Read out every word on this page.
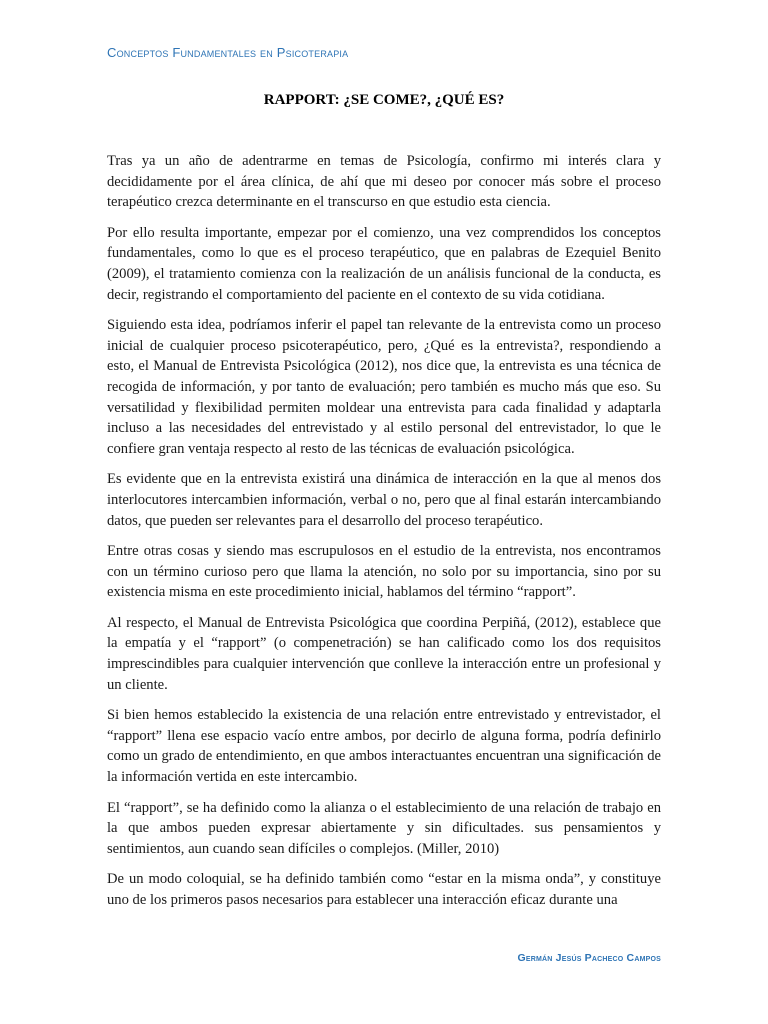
Conceptos Fundamentales en Psicoterapia
RAPPORT: ¿SE COME?, ¿QUÉ ES?

Tras ya un año de adentrarme en temas de Psicología, confirmo mi interés clara y decididamente por el área clínica, de ahí que mi deseo por conocer más sobre el proceso terapéutico crezca determinante en el transcurso en que estudio esta ciencia.

Por ello resulta importante, empezar por el comienzo, una vez comprendidos los conceptos fundamentales, como lo que es el proceso terapéutico, que en palabras de Ezequiel Benito (2009), el tratamiento comienza con la realización de un análisis funcional de la conducta, es decir, registrando el comportamiento del paciente en el contexto de su vida cotidiana.

Siguiendo esta idea, podríamos inferir el papel tan relevante de la entrevista como un proceso inicial de cualquier proceso psicoterapéutico, pero, ¿Qué es la entrevista?, respondiendo a esto, el Manual de Entrevista Psicológica (2012), nos dice que, la entrevista es una técnica de recogida de información, y por tanto de evaluación; pero también es mucho más que eso. Su versatilidad y flexibilidad permiten moldear una entrevista para cada finalidad y adaptarla incluso a las necesidades del entrevistado y al estilo personal del entrevistador, lo que le confiere gran ventaja respecto al resto de las técnicas de evaluación psicológica.

Es evidente que en la entrevista existirá una dinámica de interacción en la que al menos dos interlocutores intercambien información, verbal o no, pero que al final estarán intercambiando datos, que pueden ser relevantes para el desarrollo del proceso terapéutico.

Entre otras cosas y siendo mas escrupulosos en el estudio de la entrevista, nos encontramos con un término curioso pero que llama la atención, no solo por su importancia, sino por su existencia misma en este procedimiento inicial, hablamos del término “rapport”.

Al respecto, el Manual de Entrevista Psicológica que coordina Perpiñá, (2012), establece que la empatía y el “rapport” (o compenetración) se han calificado como los dos requisitos imprescindibles para cualquier intervención que conlleve la interacción entre un profesional y un cliente.

Si bien hemos establecido la existencia de una relación entre entrevistado y entrevistador, el “rapport” llena ese espacio vacío entre ambos, por decirlo de alguna forma, podría definirlo como un grado de entendimiento, en que ambos interactuantes encuentran una significación de la información vertida en este intercambio.

El “rapport”, se ha definido como la alianza o el establecimiento de una relación de trabajo en la que ambos pueden expresar abiertamente y sin dificultades. sus pensamientos y sentimientos, aun cuando sean difíciles o complejos. (Miller, 2010)

De un modo coloquial, se ha definido también como “estar en la misma onda”, y constituye uno de los primeros pasos necesarios para establecer una interacción eficaz durante una

Germán Jesús Pacheco Campos
